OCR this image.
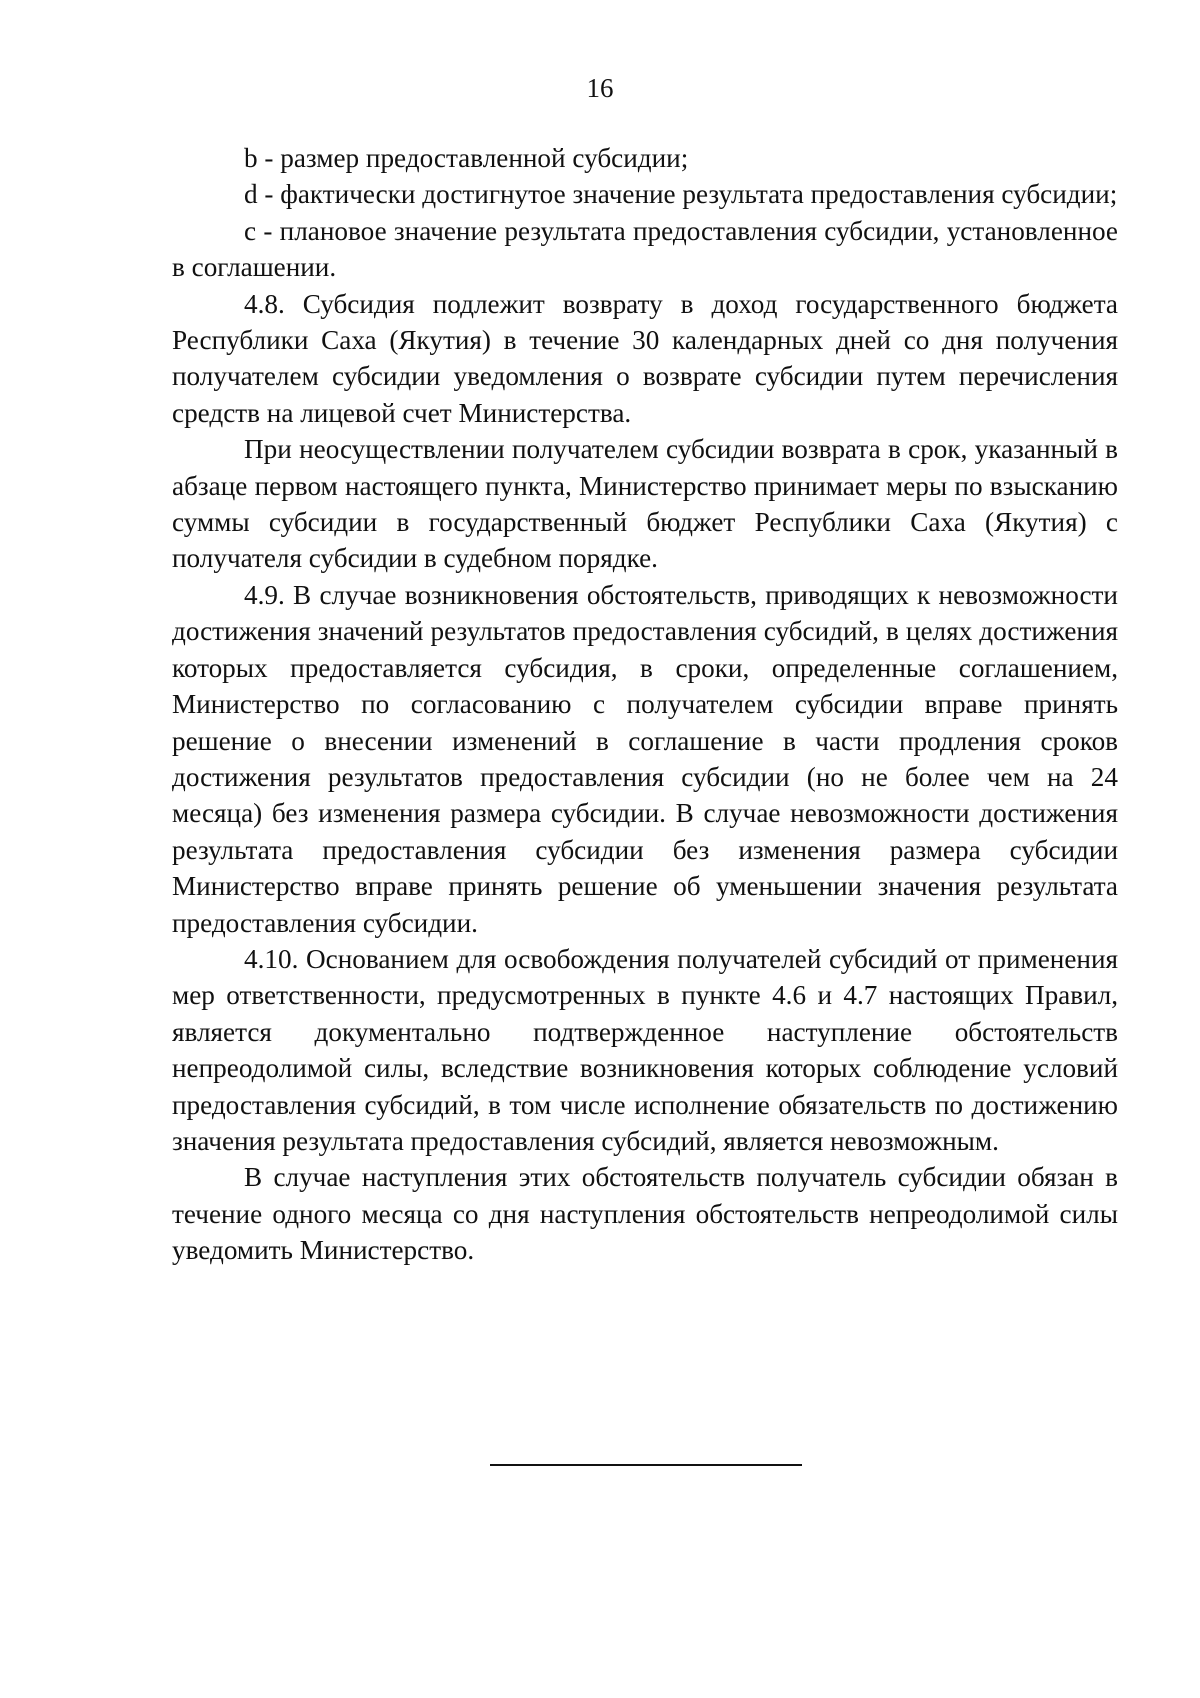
16

b - размер предоставленной субсидии;

d - фактически достигнутое значение результата предоставления субсидии;

с - плановое значение результата предоставления субсидии, установленное в соглашении.

4.8. Субсидия подлежит возврату в доход государственного бюджета Республики Саха (Якутия) в течение 30 календарных дней со дня получения получателем субсидии уведомления о возврате субсидии путем перечисления средств на лицевой счет Министерства.

При неосуществлении получателем субсидии возврата в срок, указанный в абзаце первом настоящего пункта, Министерство принимает меры по взысканию суммы субсидии в государственный бюджет Республики Саха (Якутия) с получателя субсидии в судебном порядке.

4.9. В случае возникновения обстоятельств, приводящих к невозможности достижения значений результатов предоставления субсидий, в целях достижения которых предоставляется субсидия, в сроки, определенные соглашением, Министерство по согласованию с получателем субсидии вправе принять решение о внесении изменений в соглашение в части продления сроков достижения результатов предоставления субсидии (но не более чем на 24 месяца) без изменения размера субсидии. В случае невозможности достижения результата предоставления субсидии без изменения размера субсидии Министерство вправе принять решение об уменьшении значения результата предоставления субсидии.

4.10. Основанием для освобождения получателей субсидий от применения мер ответственности, предусмотренных в пункте 4.6 и 4.7 настоящих Правил, является документально подтвержденное наступление обстоятельств непреодолимой силы, вследствие возникновения которых соблюдение условий предоставления субсидий, в том числе исполнение обязательств по достижению значения результата предоставления субсидий, является невозможным.

В случае наступления этих обстоятельств получатель субсидии обязан в течение одного месяца со дня наступления обстоятельств непреодолимой силы уведомить Министерство.
